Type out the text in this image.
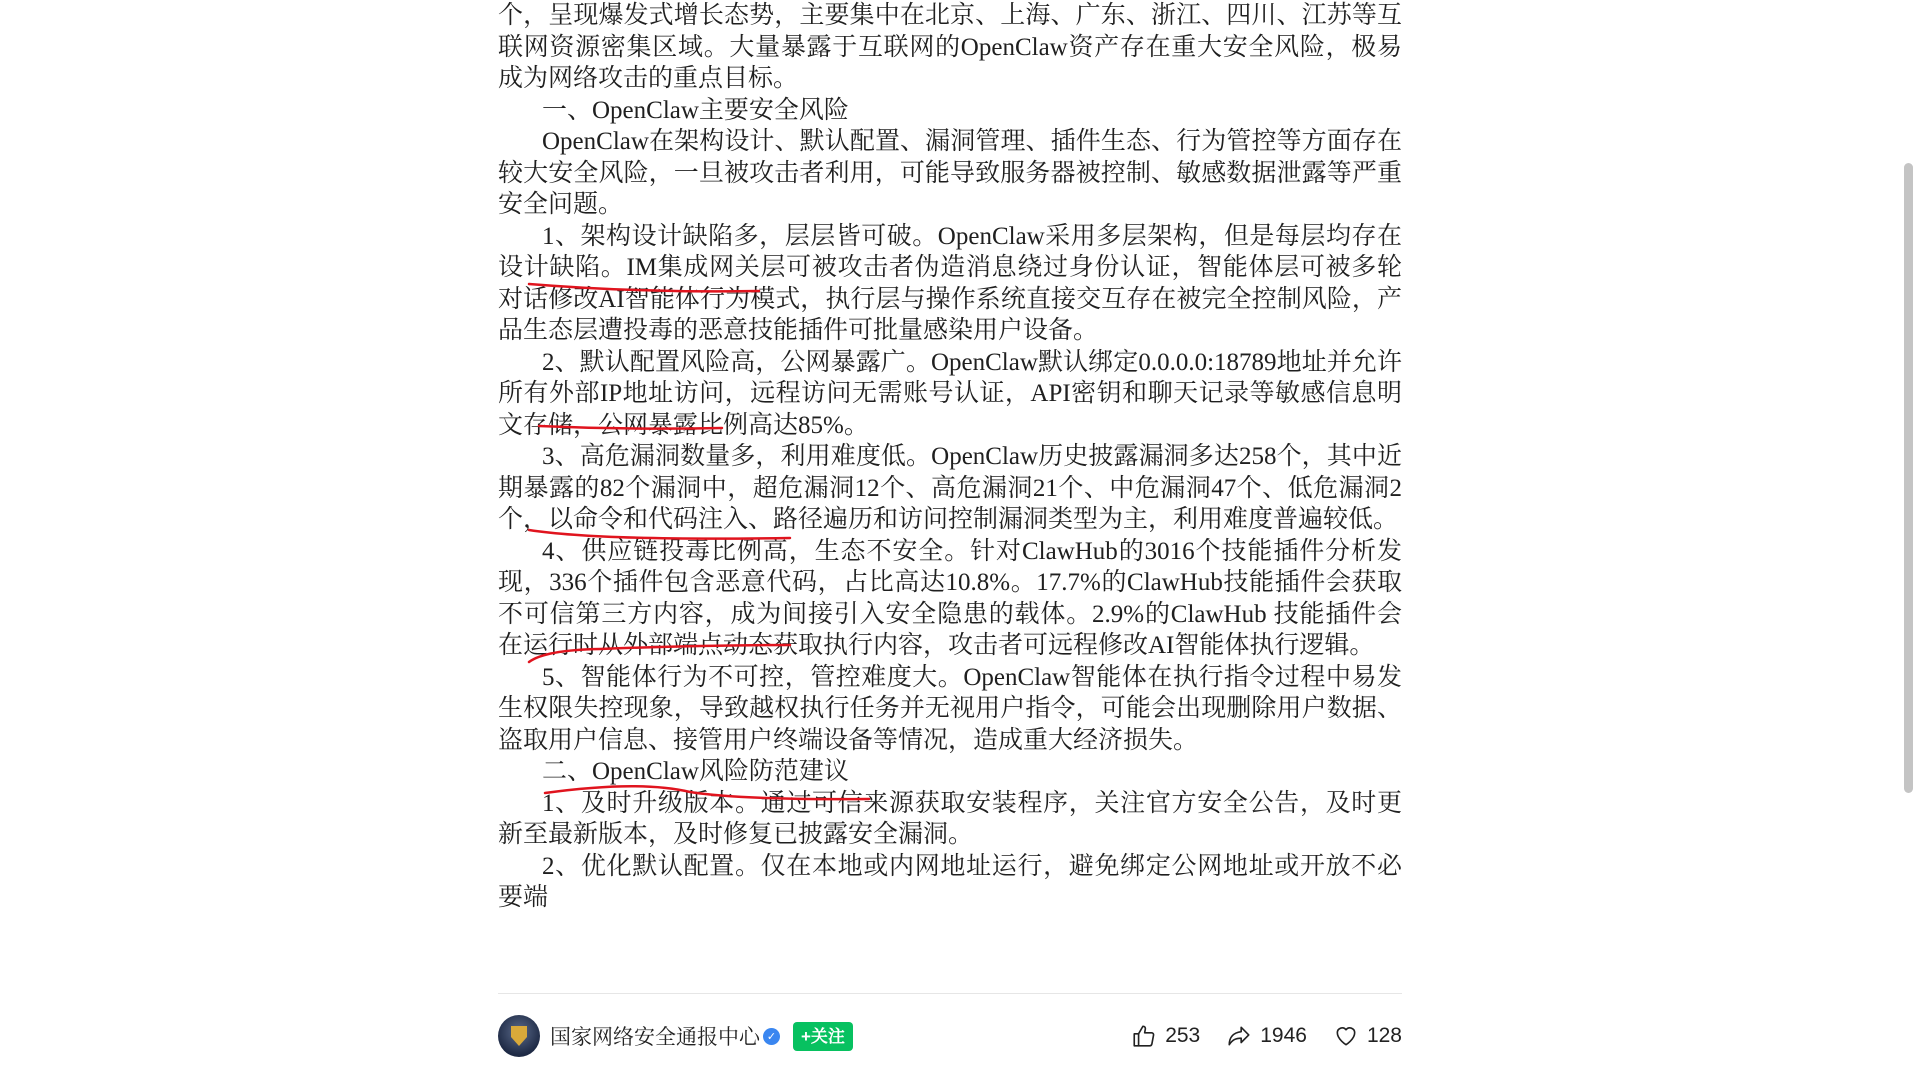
个，呈现爆发式增长态势，主要集中在北京、上海、广东、浙江、四川、江苏等互联网资源密集区域。大量暴露于互联网的OpenClaw资产存在重大安全风险，极易成为网络攻击的重点目标。

一、OpenClaw主要安全风险

OpenClaw在架构设计、默认配置、漏洞管理、插件生态、行为管控等方面存在较大安全风险，一旦被攻击者利用，可能导致服务器被控制、敏感数据泄露等严重安全问题。

1、架构设计缺陷多，层层皆可破。OpenClaw采用多层架构，但是每层均存在设计缺陷。IM集成网关层可被攻击者伪造消息绕过身份认证，智能体层可被多轮对话修改AI智能体行为模式，执行层与操作系统直接交互存在被完全控制风险，产品生态层遭投毒的恶意技能插件可批量感染用户设备。

2、默认配置风险高，公网暴露广。OpenClaw默认绑定0.0.0.0:18789地址并允许所有外部IP地址访问，远程访问无需账号认证，API密钥和聊天记录等敏感信息明文存储，公网暴露比例高达85%。

3、高危漏洞数量多，利用难度低。OpenClaw历史披露漏洞多达258个，其中近期暴露的82个漏洞中，超危漏洞12个、高危漏洞21个、中危漏洞47个、低危漏洞2个，以命令和代码注入、路径遍历和访问控制漏洞类型为主，利用难度普遍较低。

4、供应链投毒比例高，生态不安全。针对ClawHub的3016个技能插件分析发现，336个插件包含恶意代码，占比高达10.8%。17.7%的ClawHub技能插件会获取不可信第三方内容，成为间接引入安全隐患的载体。2.9%的ClawHub 技能插件会在运行时从外部端点动态获取执行内容，攻击者可远程修改AI智能体执行逻辑。

5、智能体行为不可控，管控难度大。OpenClaw智能体在执行指令过程中易发生权限失控现象，导致越权执行任务并无视用户指令，可能会出现删除用户数据、盗取用户信息、接管用户终端设备等情况，造成重大经济损失。

二、OpenClaw风险防范建议

1、及时升级版本。通过可信来源获取安装程序，关注官方安全公告，及时更新至最新版本，及时修复已披露安全漏洞。

2、优化默认配置。仅在本地或内网地址运行，避免绑定公网地址或开放不必要端

国家网络安全通报中心 ✓	+关注	253	1946	128
